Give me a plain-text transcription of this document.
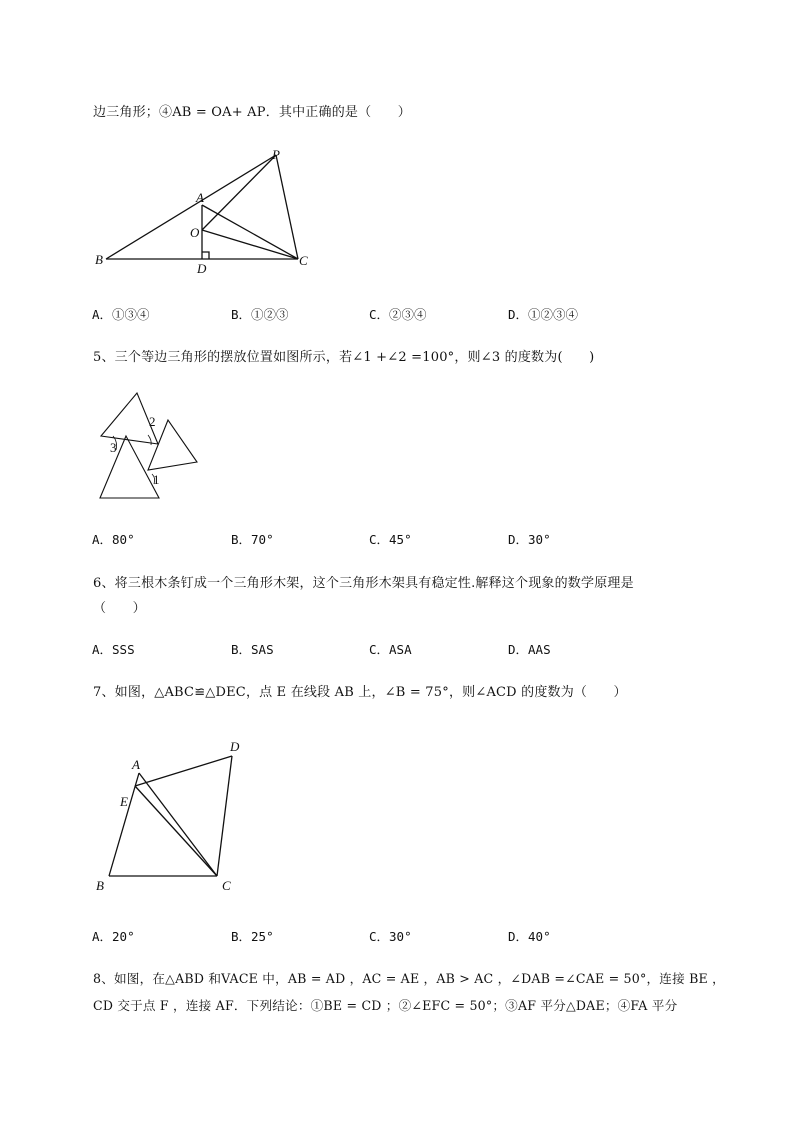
边三角形；④AB = OA+ AP．其中正确的是（　　）
P
A
O
B
D
C
A．①③④	B．①②③	C．②③④	D．①②③④
5、三个等边三角形的摆放位置如图所示，若∠1 +∠2 =100°，则∠3 的度数为(　　)
2
3
1
A．80°	B．70°	C．45°	D．30°
6、将三根木条钉成一个三角形木架，这个三角形木架具有稳定性.解释这个现象的数学原理是
（　　）
A．SSS	B．SAS	C．ASA	D．AAS
7、如图，△ABC≌△DEC，点 E 在线段 AB 上，∠B = 75°，则∠ACD 的度数为（　　）
A
D
E
B	C
A．20°	B．25°	C．30°	D．40°
8、如图，在△ABD 和VACE 中，AB = AD ，AC = AE ，AB > AC ，∠DAB =∠CAE = 50°，连接 BE ，
CD 交于点 F ，连接 AF．下列结论：①BE = CD ；②∠EFC = 50°；③AF 平分△DAE；④FA 平分
